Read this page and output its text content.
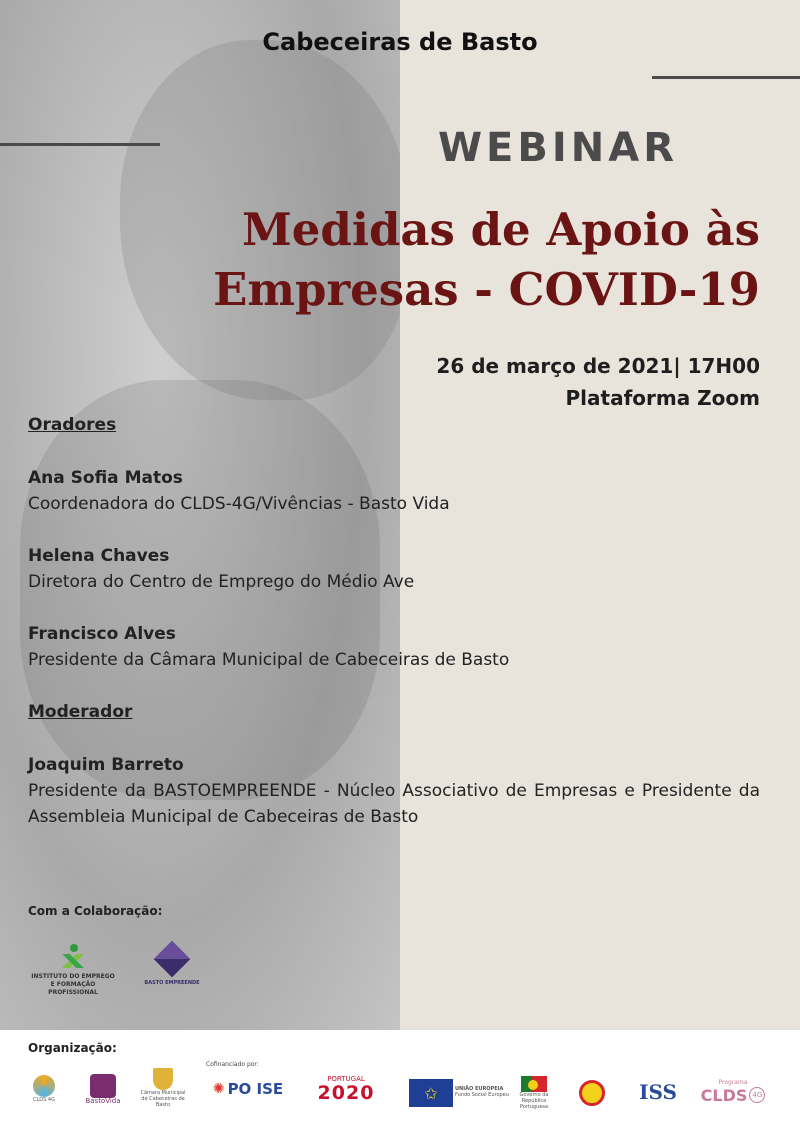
Cabeceiras de Basto
WEBINAR
Medidas de Apoio às
Empresas - COVID-19
26 de março de 2021| 17H00
Plataforma Zoom
Oradores
Ana Sofia Matos
Coordenadora do CLDS-4G/Vivências - Basto Vida
Helena Chaves
Diretora do Centro de Emprego do Médio Ave
Francisco Alves
Presidente da Câmara Municipal de Cabeceiras de Basto
Moderador
Joaquim Barreto
Presidente da BASTOEMPREENDE - Núcleo Associativo de Empresas e Presidente da Assembleia Municipal de Cabeceiras de Basto
Com a Colaboração:
INSTITUTO DO EMPREGO E FORMAÇÃO PROFISSIONAL
BASTO EMPREENDE
Organização:
Cofinanciado por:
CLDS 4G	BastoVida
Câmara Municipal de Cabeceiras de Basto
✺ PO ISE
PORTUGAL
2020	✩	UNIÃO EUROPEIA
Fundo Social Europeu	Governo da República Portuguesa
ISS	Programa
CLDS 4G
